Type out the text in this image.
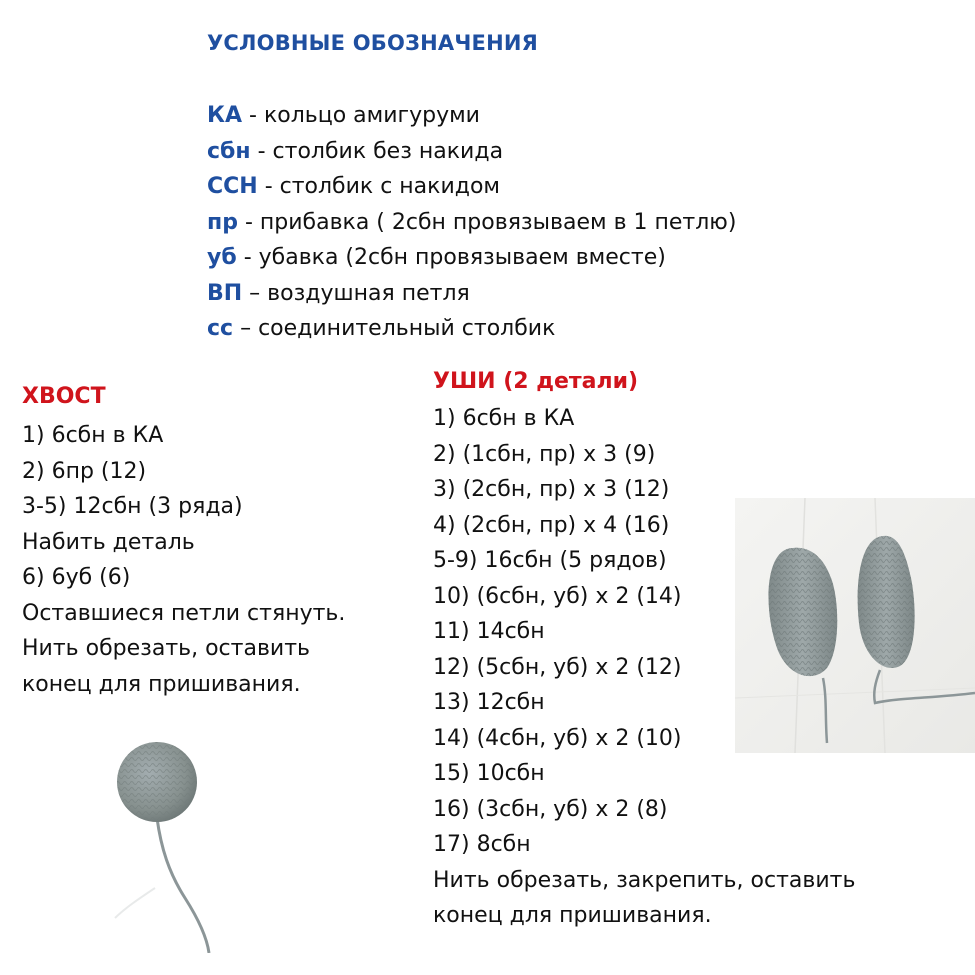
УСЛОВНЫЕ ОБОЗНАЧЕНИЯ
КА - кольцо амигуруми
сбн - столбик без накида
ССН - столбик с накидом
пр - прибавка ( 2сбн провязываем в 1 петлю)
уб - убавка (2сбн провязываем вместе)
ВП – воздушная петля
сс – соединительный столбик
ХВОСТ
1) 6сбн в КА
2) 6пр (12)
3-5) 12сбн (3 ряда)
Набить деталь
6) 6уб (6)
Оставшиеся петли стянуть.
Нить обрезать, оставить
конец для пришивания.
УШИ (2 детали)
1) 6сбн в КА
2) (1сбн, пр) х 3 (9)
3) (2сбн, пр) х 3 (12)
4) (2сбн, пр) х 4 (16)
5-9) 16сбн (5 рядов)
10) (6сбн, уб) х 2 (14)
11) 14сбн
12) (5сбн, уб) х 2 (12)
13) 12сбн
14) (4сбн, уб) х 2 (10)
15) 10сбн
16) (3сбн, уб) х 2 (8)
17) 8сбн
Нить обрезать, закрепить, оставить
конец для пришивания.
